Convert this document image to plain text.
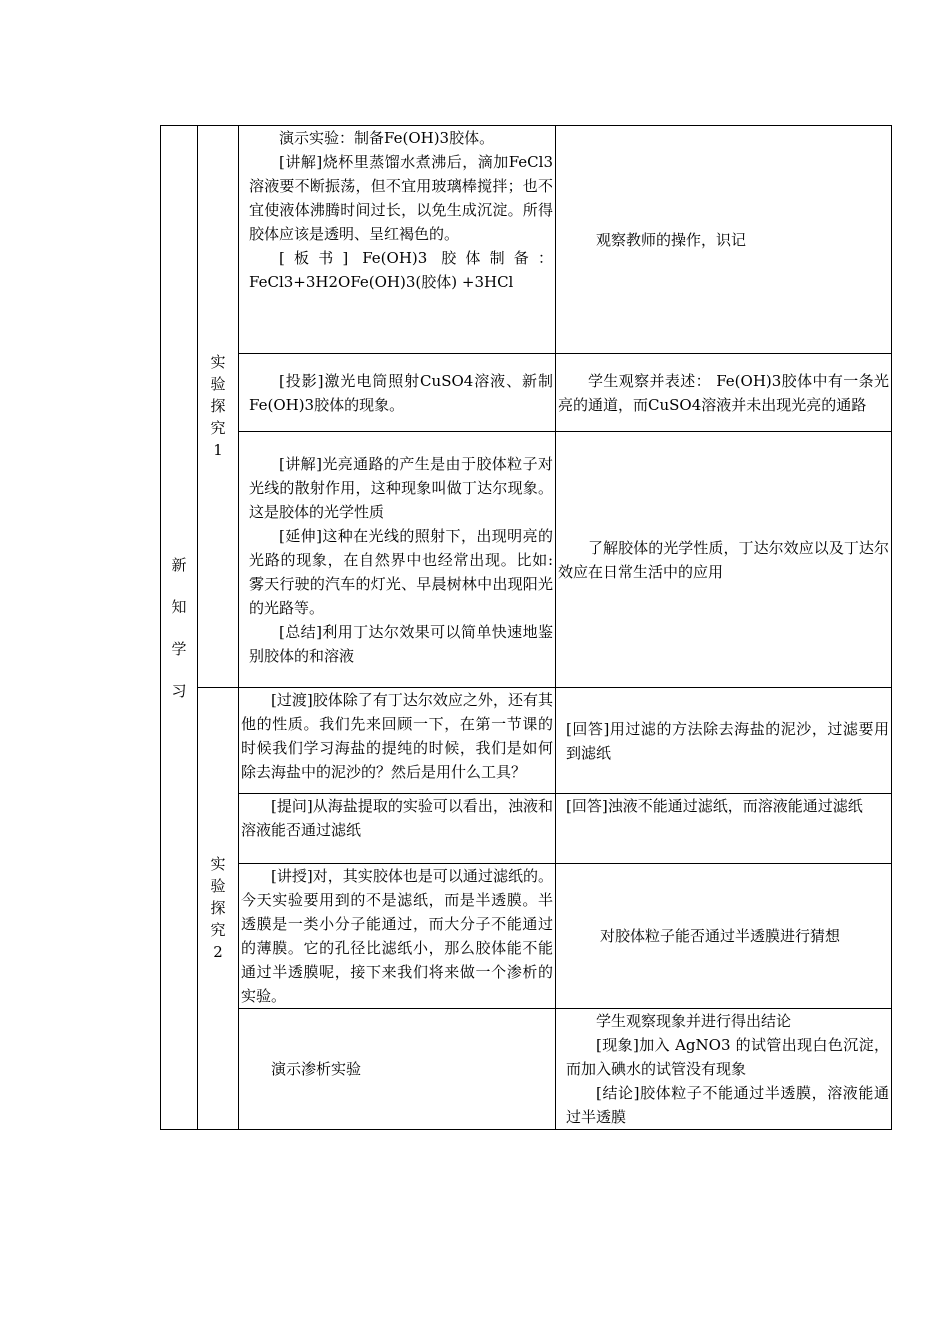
新知学习	实验探究1	演示实验：制备Fe(OH)3胶体。

[讲解]烧杯里蒸馏水煮沸后，滴加FeCl3溶液要不断振荡，但不宜用玻璃棒搅拌；也不宜使液体沸腾时间过长，以免生成沉淀。所得胶体应该是透明、呈红褐色的。

[板书] Fe(OH)3 胶体制备：FeCl3+3H2OFe(OH)3(胶体) +3HCl	观察教师的操作，识记

		[投影]激光电筒照射CuSO4溶液、新制Fe(OH)3胶体的现象。	学生观察并表述： Fe(OH)3胶体中有一条光亮的通道，而CuSO4溶液并未出现光亮的通路

		[讲解]光亮通路的产生是由于胶体粒子对光线的散射作用，这种现象叫做丁达尔现象。这是胶体的光学性质

[延伸]这种在光线的照射下，出现明亮的光路的现象，在自然界中也经常出现。比如:雾天行驶的汽车的灯光、早晨树林中出现阳光的光路等。

[总结]利用丁达尔效果可以简单快速地鉴别胶体的和溶液	了解胶体的光学性质，丁达尔效应以及丁达尔效应在日常生活中的应用

	实验探究2	[过渡]胶体除了有丁达尔效应之外，还有其他的性质。我们先来回顾一下，在第一节课的时候我们学习海盐的提纯的时候，我们是如何除去海盐中的泥沙的？然后是用什么工具？	[回答]用过滤的方法除去海盐的泥沙，过滤要用到滤纸

		[提问]从海盐提取的实验可以看出，浊液和溶液能否通过滤纸	[回答]浊液不能通过滤纸，而溶液能通过滤纸

		[讲授]对，其实胶体也是可以通过滤纸的。今天实验要用到的不是滤纸，而是半透膜。半透膜是一类小分子能通过，而大分子不能通过的薄膜。它的孔径比滤纸小，那么胶体能不能通过半透膜呢，接下来我们将来做一个渗析的实验。	对胶体粒子能否通过半透膜进行猜想

		演示渗析实验	学生观察现象并进行得出结论

[现象]加入 AgNO3 的试管出现白色沉淀，而加入碘水的试管没有现象

[结论]胶体粒子不能通过半透膜，溶液能通过半透膜
